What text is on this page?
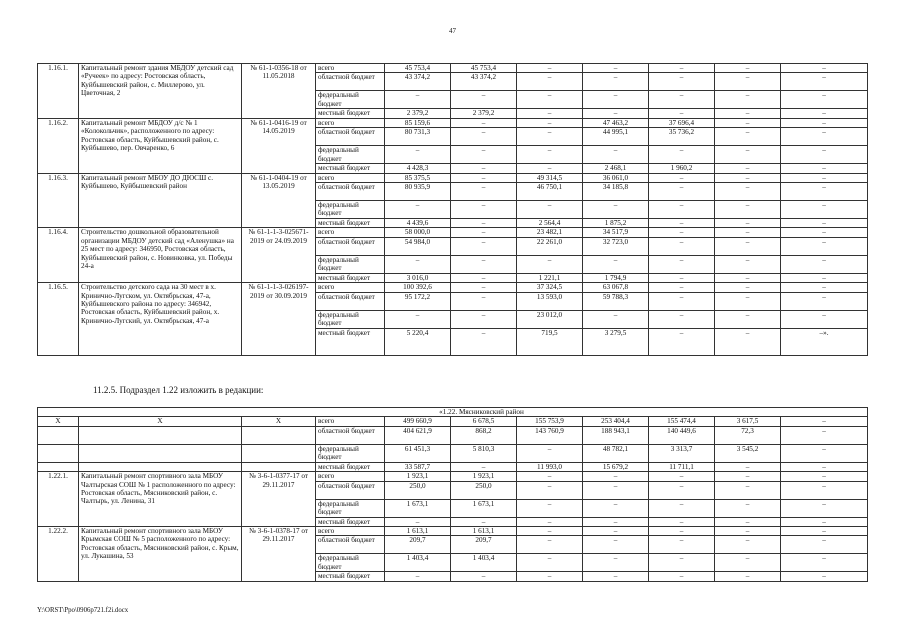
47
1.16.1.	Капитальный ремонт здания МБДОУ детский сад «Ручеек» по адресу: Ростовская область, Куйбышевский район, с. Миллерово, ул. Цветочная, 2	№ 61-1-0356-18 от 11.05.2018	всего	45 753,4	45 753,4	–	–	–	–	–
			областной бюджет	43 374,2	43 374,2	–	–	–	–	–
			федеральный бюджет	–	–	–	–	–	–	–
			местный бюджет	2 379,2	2 379,2	–	–	–	–	–
1.16.2.	Капитальный ремонт МБДОУ д/с № 1 «Колокольчик», расположенного по адресу: Ростовская область, Куйбышевский район, с. Куйбышево, пер. Овчаренко, 6	№ 61-1-0416-19 от 14.05.2019	всего	85 159,6	–	–	47 463,2	37 696,4	–	–
			областной бюджет	80 731,3	–	–	44 995,1	35 736,2	–	–
			федеральный бюджет	–	–	–	–	–	–	–
			местный бюджет	4 428,3	–	–	2 468,1	1 960,2	–	–
1.16.3.	Капитальный ремонт МБОУ ДО ДЮСШ с. Куйбышево, Куйбышевский район	№ 61-1-0404-19 от 13.05.2019	всего	85 375,5	–	49 314,5	36 061,0	–	–	–
			областной бюджет	80 935,9	–	46 750,1	34 185,8	–	–	–
			федеральный бюджет	–	–	–	–	–	–	–
			местный бюджет	4 439,6	–	2 564,4	1 875,2	–	–	–
1.16.4.	Строительство дошкольной образовательной организации МБДОУ детский сад «Аленушка» на 25 мест по адресу: 346950, Ростовская область, Куйбышевский район, с. Новинковка, ул. Победы 24-а	№ 61-1-1-3-025671-2019 от 24.09.2019	всего	58 000,0	–	23 482,1	34 517,9	–	–	–
			областной бюджет	54 984,0	–	22 261,0	32 723,0	–	–	–
			федеральный бюджет	–	–	–	–	–	–	–
			местный бюджет	3 016,0	–	1 221,1	1 794,9	–	–	–
1.16.5.	Строительство детского сада на 30 мест в х. Кринично-Лугском, ул. Октябрьская, 47-а, Куйбышевского района по адресу: 346942, Ростовская область, Куйбышевский район, х. Кринично-Лугский, ул. Октябрьская, 47-а	№ 61-1-1-3-026197-2019 от 30.09.2019	всего	100 392,6	–	37 324,5	63 067,8	–	–	–
			областной бюджет	95 172,2	–	13 593,0	59 788,3	–	–	–
			федеральный бюджет	–	–	23 012,0	–	–	–	–
			местный бюджет	5 220,4	–	719,5	3 279,5	–	–	–».
11.2.5. Подраздел 1.22 изложить в редакции:
«1.22. Мясниковский район										
Х	Х	Х	всего	499 660,9	6 678,5	155 753,9	253 404,4	155 474,4	3 617,5	–
			областной бюджет	404 621,9	868,2	143 760,9	188 943,1	140 449,6	72,3	–
			федеральный бюджет	61 451,3	5 810,3	–	48 782,1	3 313,7	3 545,2	–
			местный бюджет	33 587,7	–	11 993,0	15 679,2	11 711,1	–	–
1.22.1.	Капитальный ремонт спортивного зала МБОУ Чалтырская СОШ № 1 расположенного по адресу: Ростовская область, Мясниковский район, с. Чалтырь, ул. Ленина, 31	№ 3-6-1-0377-17 от 29.11.2017	всего	1 923,1	1 923,1	–	–	–	–	–
			областной бюджет	250,0	250,0	–	–	–	–	–
			федеральный бюджет	1 673,1	1 673,1	–	–	–	–	–
			местный бюджет	–	–	–	–	–	–	–
1.22.2.	Капитальный ремонт спортивного зала МБОУ Крымская СОШ № 5 расположенного по адресу: Ростовская область, Мясниковский район, с. Крым, ул. Лукашина, 53	№ 3-6-1-0378-17 от 29.11.2017	всего	1 613,1	1 613,1	–	–	–	–	–
			областной бюджет	209,7	209,7	–	–	–	–	–
			федеральный бюджет	1 403,4	1 403,4	–	–	–	–	–
			местный бюджет	–	–	–	–	–	–	–
Y:\ORST\Ppo\0906p721.f2i.docx
